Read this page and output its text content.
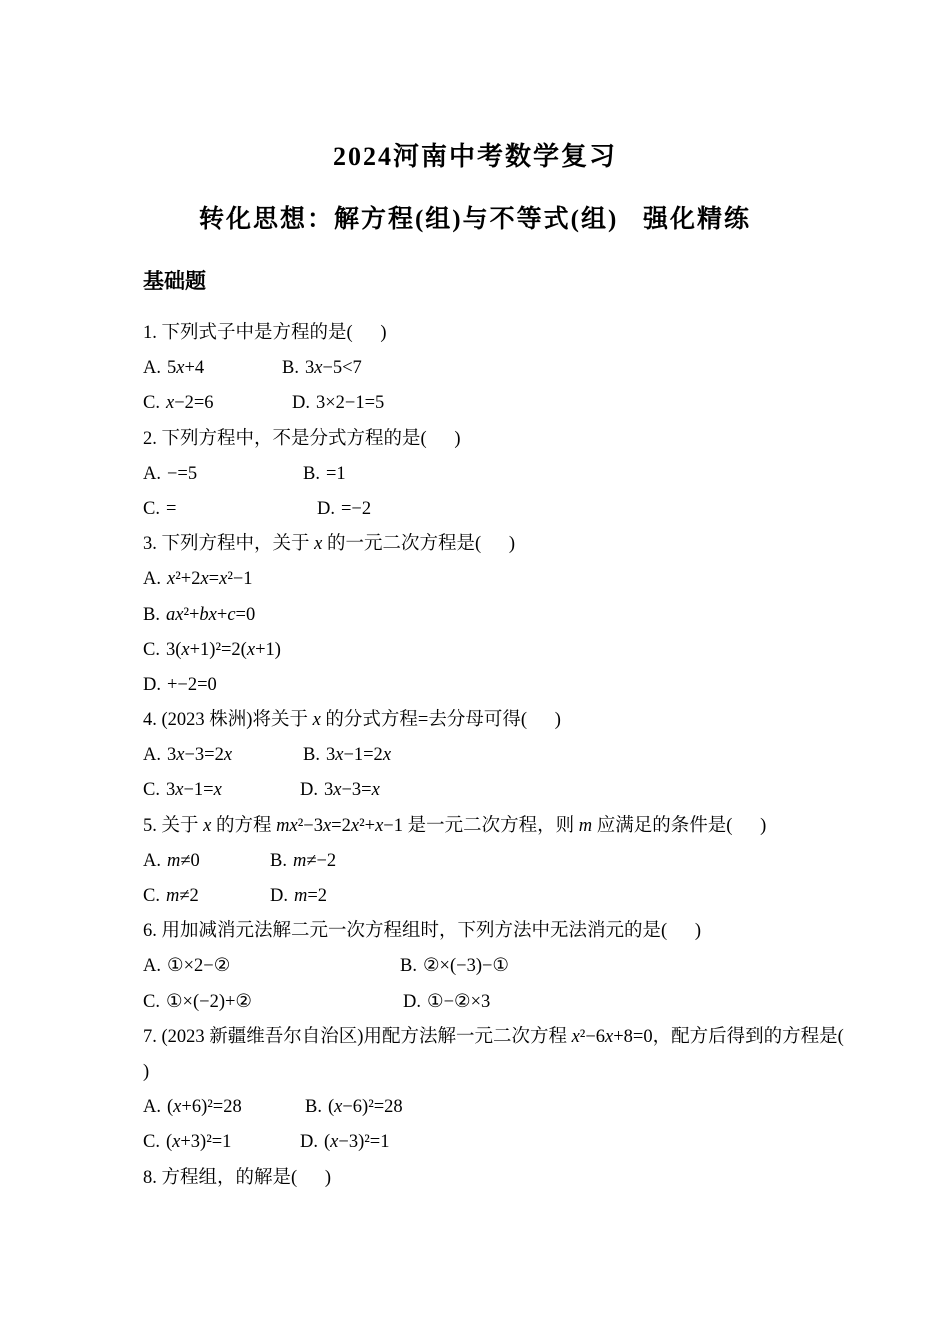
2024河南中考数学复习
转化思想：解方程(组)与不等式(组)   强化精练
基础题
1. 下列式子中是方程的是(      )
A. 5x+4	B. 3x−5<7
C. x−2=6	D. 3×2−1=5
2. 下列方程中，不是分式方程的是(      )
A. −=5	B. =1
C. =	D. =−2
3. 下列方程中，关于 x 的一元二次方程是(      )
A. x²+2x=x²−1
B. ax²+bx+c=0
C. 3(x+1)²=2(x+1)
D. +−2=0
4. (2023 株洲)将关于 x 的分式方程=去分母可得(      )
A. 3x−3=2x	B. 3x−1=2x
C. 3x−1=x	D. 3x−3=x
5. 关于 x 的方程 mx²−3x=2x²+x−1 是一元二次方程，则 m 应满足的条件是(      )
A. m≠0	B. m≠−2
C. m≠2	D. m=2
6. 用加减消元法解二元一次方程组时，下列方法中无法消元的是(      )
A. ①×2−②	B. ②×(−3)−①
C. ①×(−2)+②	D. ①−②×3
7. (2023 新疆维吾尔自治区)用配方法解一元二次方程 x²−6x+8=0，配方后得到的方程是(
)
A. (x+6)²=28	B. (x−6)²=28
C. (x+3)²=1	D. (x−3)²=1
8. 方程组，的解是(      )
